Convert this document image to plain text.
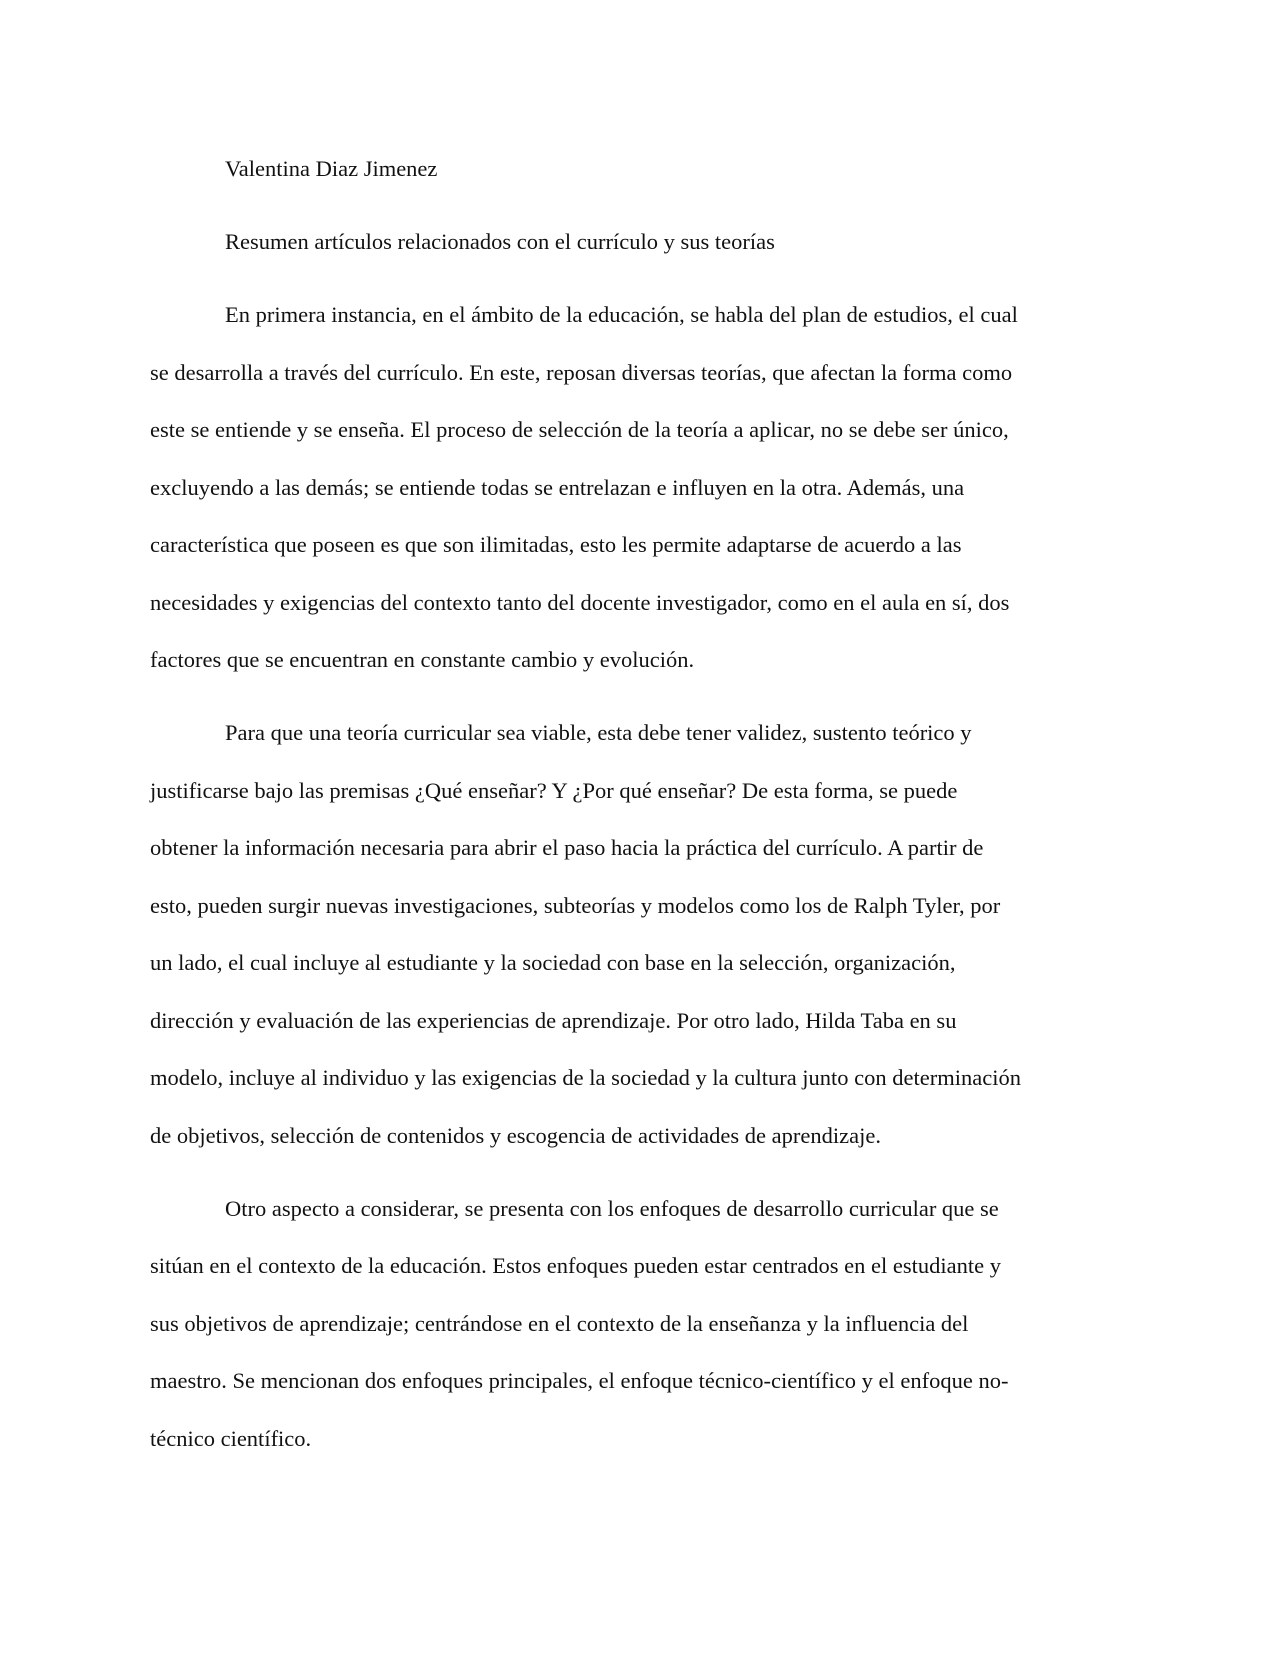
Valentina Diaz Jimenez

Resumen artículos relacionados con el currículo y sus teorías

En primera instancia, en el ámbito de la educación, se habla del plan de estudios, el cual
se desarrolla a través del currículo. En este, reposan diversas teorías, que afectan la forma como
este se entiende y se enseña. El proceso de selección de la teoría a aplicar, no se debe ser único,
excluyendo a las demás; se entiende todas se entrelazan e influyen en la otra. Además, una
característica que poseen es que son ilimitadas, esto les permite adaptarse de acuerdo a las
necesidades y exigencias del contexto tanto del docente investigador, como en el aula en sí, dos
factores que se encuentran en constante cambio y evolución.
Para que una teoría curricular sea viable, esta debe tener validez, sustento teórico y
justificarse bajo las premisas ¿Qué enseñar? Y ¿Por qué enseñar? De esta forma, se puede
obtener la información necesaria para abrir el paso hacia la práctica del currículo. A partir de
esto, pueden surgir nuevas investigaciones, subteorías y modelos como los de Ralph Tyler, por
un lado, el cual incluye al estudiante y la sociedad con base en la selección, organización,
dirección y evaluación de las experiencias de aprendizaje. Por otro lado, Hilda Taba en su
modelo, incluye al individuo y las exigencias de la sociedad y la cultura junto con determinación
de objetivos, selección de contenidos y escogencia de actividades de aprendizaje.
Otro aspecto a considerar, se presenta con los enfoques de desarrollo curricular que se
sitúan en el contexto de la educación. Estos enfoques pueden estar centrados en el estudiante y
sus objetivos de aprendizaje; centrándose en el contexto de la enseñanza y la influencia del
maestro. Se mencionan dos enfoques principales, el enfoque técnico-científico y el enfoque no-
técnico científico.
